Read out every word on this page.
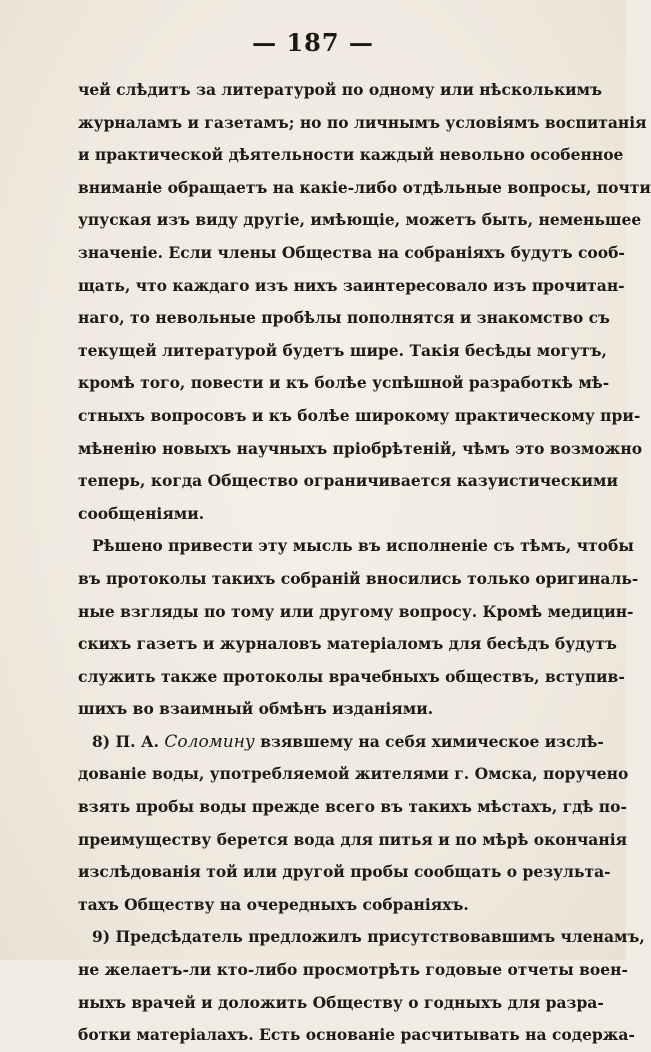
— 187 —
чей слѣдитъ за литературой по одному или нѣсколькимъ
журналамъ и газетамъ; но по личнымъ условіямъ воспитанія
и практической дѣятельности каждый невольно особенное
вниманіе обращаетъ на какіе-либо отдѣльные вопросы, почти
упуская изъ виду другіе, имѣющіе, можетъ быть, неменьшее
значеніе. Если члены Общества на собраніяхъ будутъ сооб-
щать, что каждаго изъ нихъ заинтересовало изъ прочитан-
наго, то невольные пробѣлы пополнятся и знакомство съ
текущей литературой будетъ шире. Такія бесѣды могутъ,
кромѣ того, повести и къ болѣе успѣшной разработкѣ мѣ-
стныхъ вопросовъ и къ болѣе широкому практическому при-
мѣненію новыхъ научныхъ пріобрѣтеній, чѣмъ это возможно
теперь, когда Общество ограничивается казуистическими
сообщеніями.
Рѣшено привести эту мысль въ исполненіе съ тѣмъ, чтобы
въ протоколы такихъ собраній вносились только оригиналь-
ные взгляды по тому или другому вопросу. Кромѣ медицин-
скихъ газетъ и журналовъ матеріаломъ для бесѣдъ будутъ
служить также протоколы врачебныхъ обществъ, вступив-
шихъ во взаимный обмѣнъ изданіями.
8) П. А. Соломину взявшему на себя химическое изслѣ-
дованіе воды, употребляемой жителями г. Омска, поручено
взять пробы воды прежде всего въ такихъ мѣстахъ, гдѣ по-
преимуществу берется вода для питья и по мѣрѣ окончанія
изслѣдованія той или другой пробы сообщать о результа-
тахъ Обществу на очередныхъ собраніяхъ.
9) Предсѣдатель предложилъ присутствовавшимъ членамъ,
не желаетъ-ли кто-либо просмотрѣть годовые отчеты воен-
ныхъ врачей и доложить Обществу о годныхъ для разра-
ботки матеріалахъ. Есть основаніе расчитывать на содержа-
